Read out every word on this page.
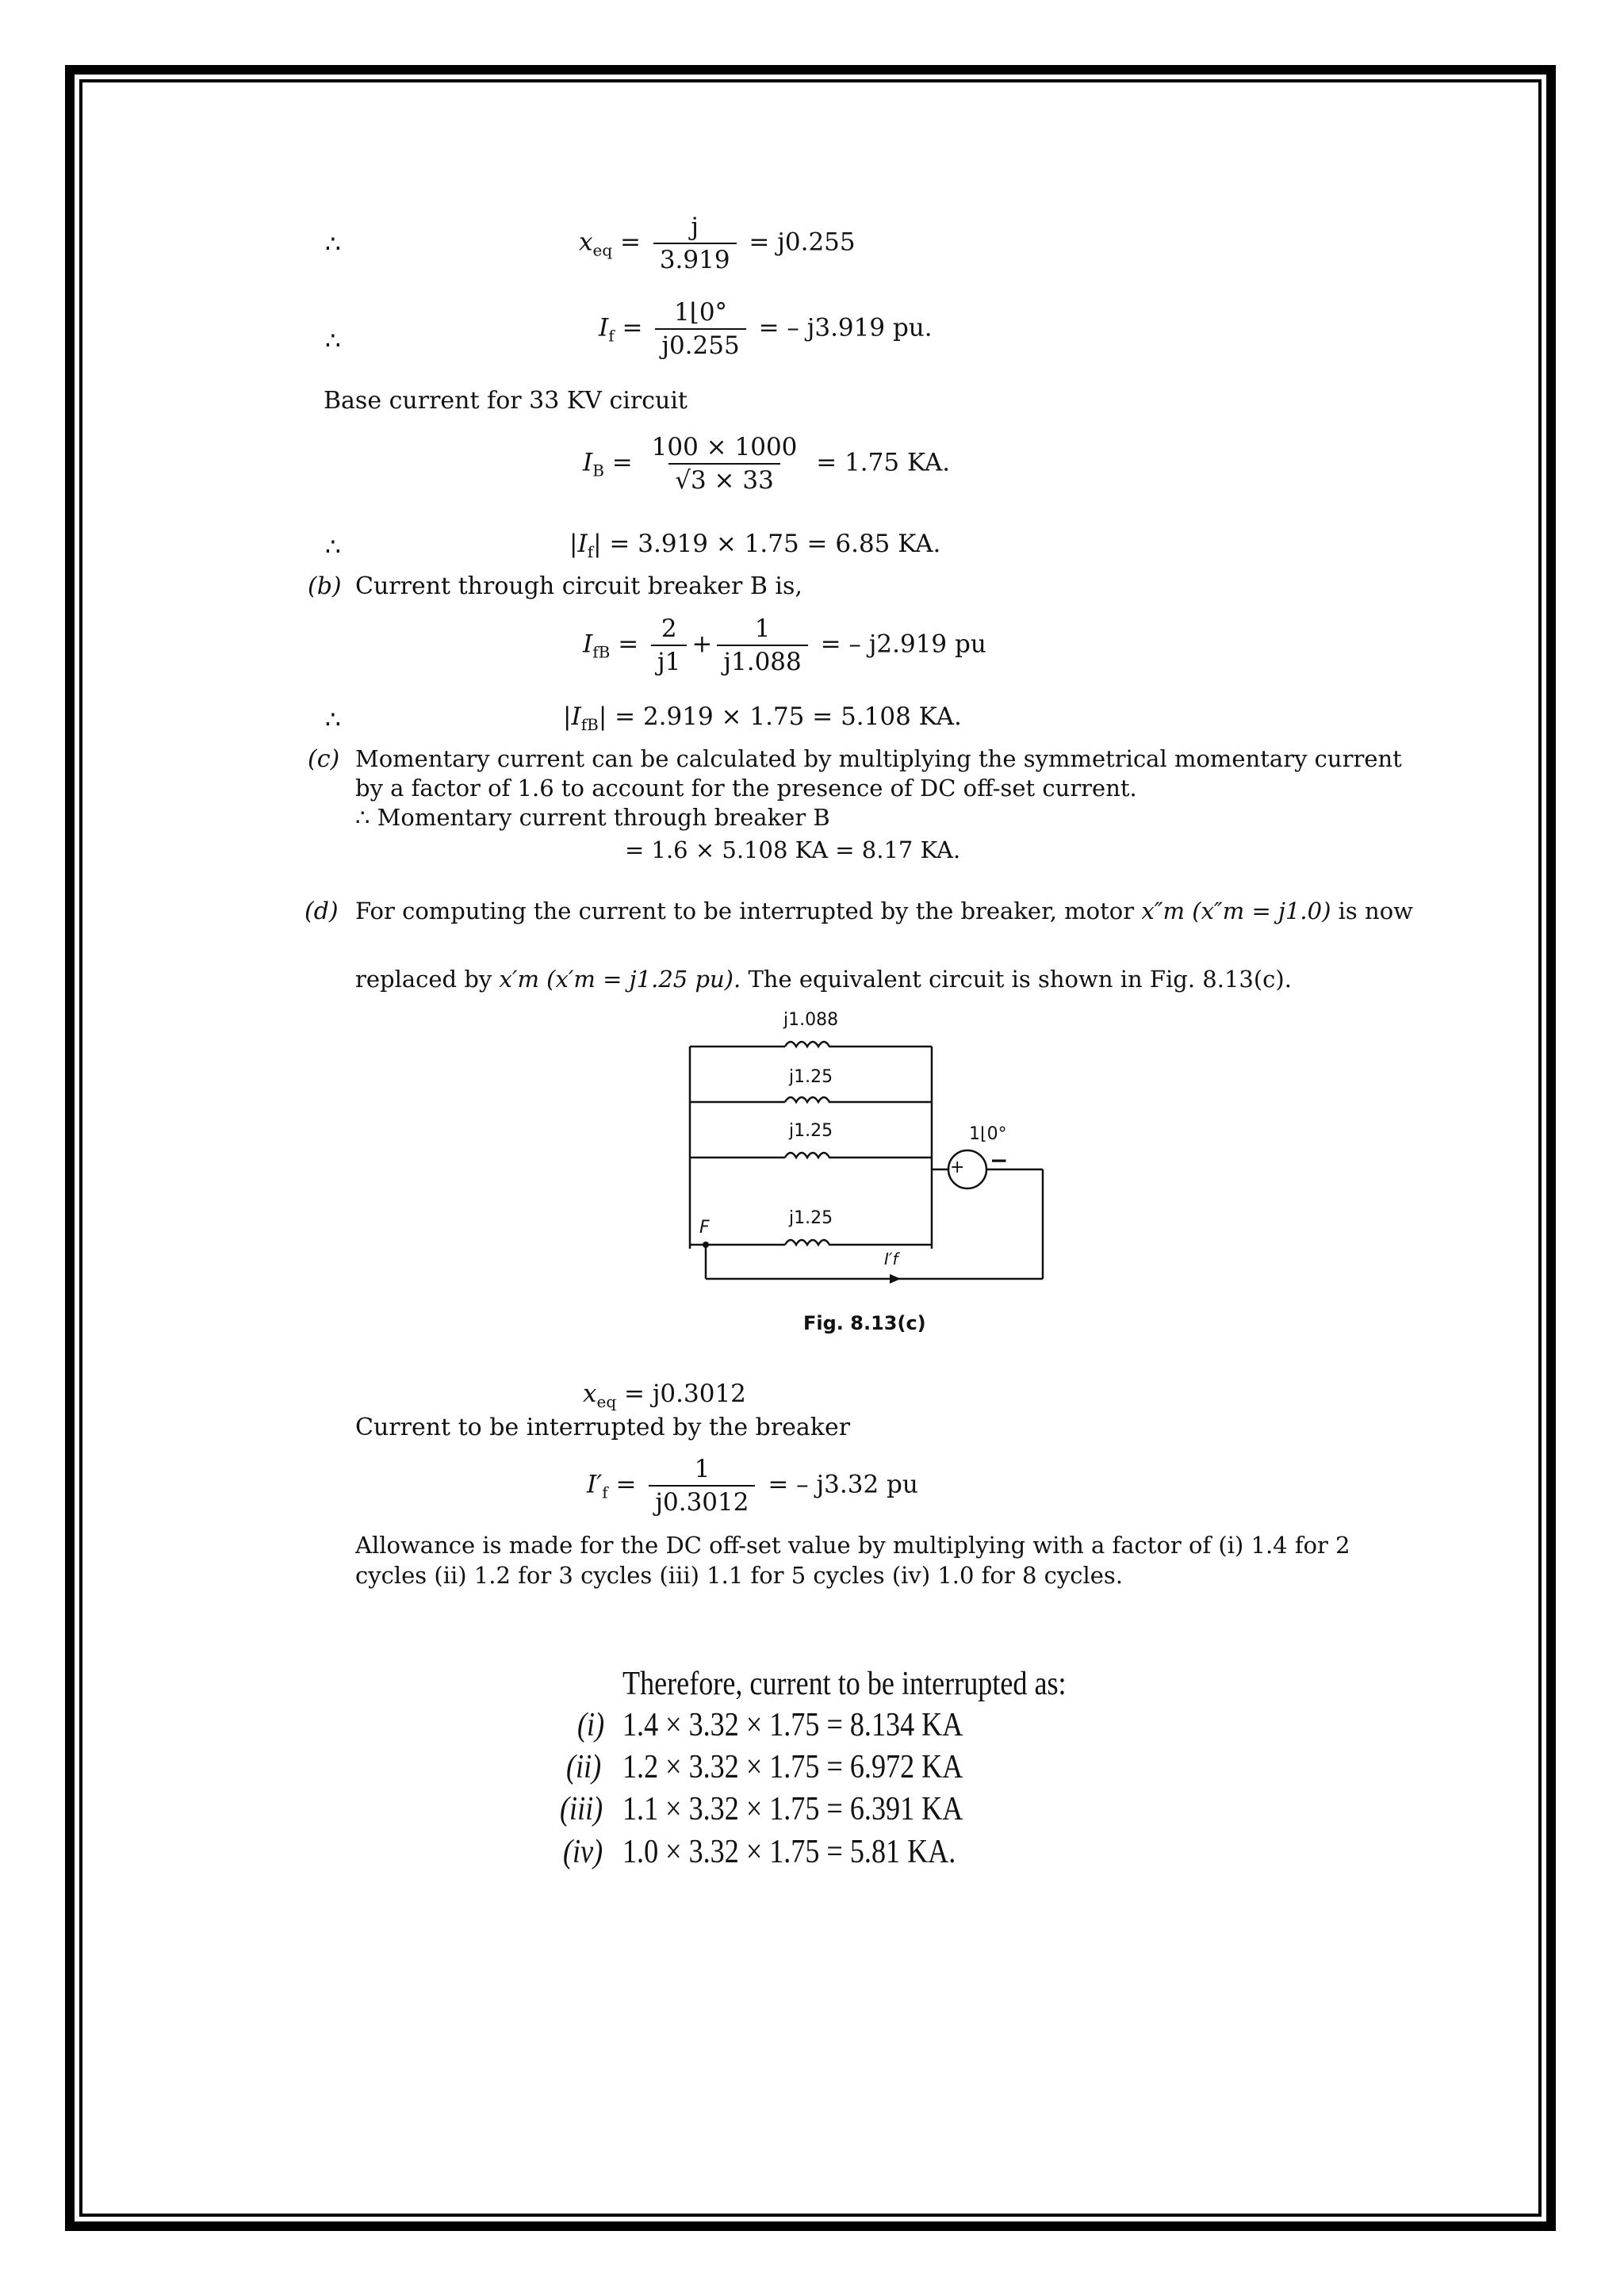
∴	$x_{eq} = \frac{j}{3.919} = j0.255$
∴	$I_f = \frac{1⌊0^\circ}{j0.255}$ = – j3.919 pu.
Base current for 33 KV circuit
$I_B = \frac{100 \times 1000}{√3 \times 33} = 1.75$ KA.
∴	$|I_f| = 3.919 \times 1.75 = 6.85$ KA.
(b) Current through circuit breaker B is,
$I_{fB} = \frac{2}{j1} + \frac{1}{j1.088}$ = – j2.919 pu
∴	$|I_{fB}| = 2.919 \times 1.75 = 5.108$ KA.
(c) Momentary current can be calculated by multiplying the symmetrical momentary current
by a factor of 1.6 to account for the presence of DC off-set current.
∴ Momentary current through breaker B
= 1.6 × 5.108 KA = 8.17 KA.
(d) For computing the current to be interrupted by the breaker, motor x″m (x″m = j1.0) is now
replaced by x′m (x′m = j1.25 pu). The equivalent circuit is shown in Fig. 8.13(c).
j1.088
j1.25
j1.25
j1.25
1⌊0°
+ −
F
I′f
Fig. 8.13(c)
$x_{eq} = j0.3012$
Current to be interrupted by the breaker
$I'_f = \frac{1}{j0.3012}$ = – j3.32 pu
Allowance is made for the DC off-set value by multiplying with a factor of (i) 1.4 for 2
cycles (ii) 1.2 for 3 cycles (iii) 1.1 for 5 cycles (iv) 1.0 for 8 cycles.
Therefore, current to be interrupted as:
(i) 1.4 × 3.32 × 1.75 = 8.134 KA
(ii) 1.2 × 3.32 × 1.75 = 6.972 KA
(iii) 1.1 × 3.32 × 1.75 = 6.391 KA
(iv) 1.0 × 3.32 × 1.75 = 5.81 KA.
